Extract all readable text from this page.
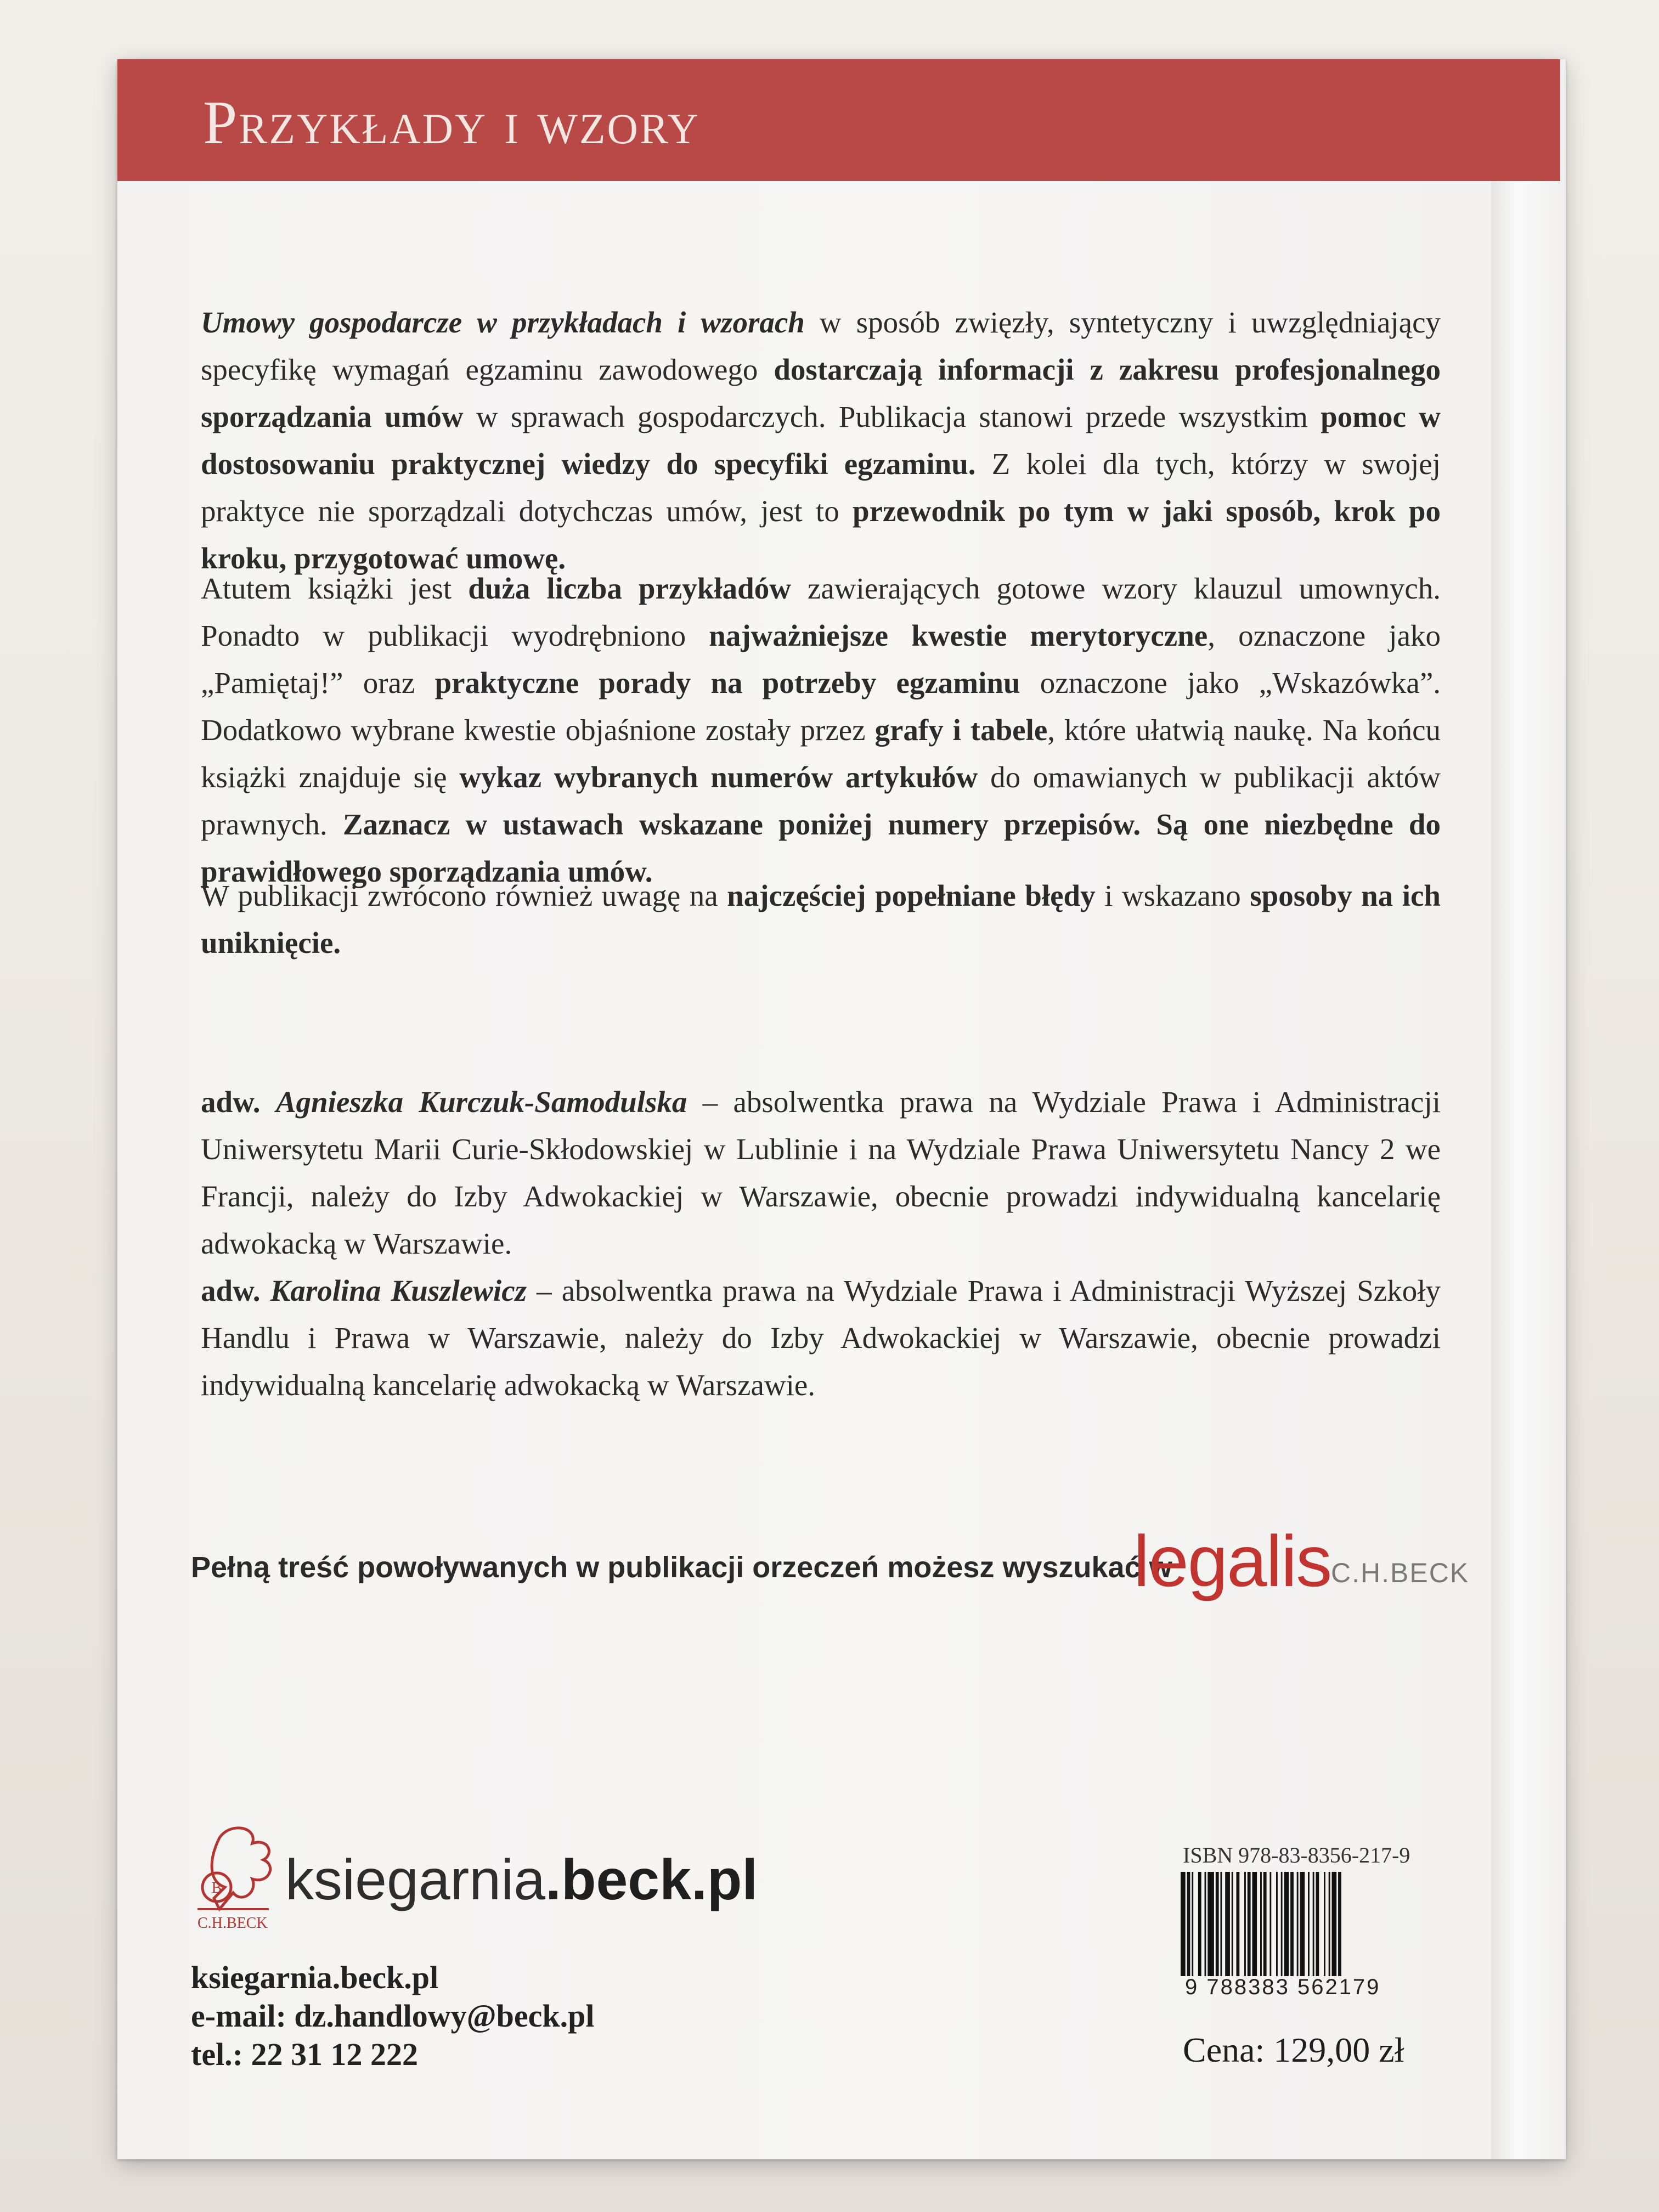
Przykłady i wzory

Umowy gospodarcze w przykładach i wzorach w sposób zwięzły, syntetyczny i uwzględniający specyfikę wymagań egzaminu zawodowego dostarczają informacji z zakresu profesjonalnego sporządzania umów w sprawach gospodarczych. Publikacja stanowi przede wszystkim pomoc w dostosowaniu praktycznej wiedzy do specyfiki egzaminu. Z kolei dla tych, którzy w swojej praktyce nie sporządzali dotychczas umów, jest to przewodnik po tym w jaki sposób, krok po kroku, przygotować umowę.

Atutem książki jest duża liczba przykładów zawierających gotowe wzory klauzul umownych. Ponadto w publikacji wyodrębniono najważniejsze kwestie merytoryczne, oznaczone jako „Pamiętaj!” oraz praktyczne porady na potrzeby egzaminu oznaczone jako „Wskazówka”. Dodatkowo wybrane kwestie objaśnione zostały przez grafy i tabele, które ułatwią naukę. Na końcu książki znajduje się wykaz wybranych numerów artykułów do omawianych w publikacji aktów prawnych. Zaznacz w ustawach wskazane poniżej numery przepisów. Są one niezbędne do prawidłowego sporządzania umów.

W publikacji zwrócono również uwagę na najczęściej popełniane błędy i wskazano sposoby na ich uniknięcie.

adw. Agnieszka Kurczuk-Samodulska – absolwentka prawa na Wydziale Prawa i Administracji Uniwersytetu Marii Curie-Skłodowskiej w Lublinie i na Wydziale Prawa Uniwersytetu Nancy 2 we Francji, należy do Izby Adwokackiej w Warszawie, obecnie prowadzi indywidualną kancelarię adwokacką w Warszawie.

adw. Karolina Kuszlewicz – absolwentka prawa na Wydziale Prawa i Administracji Wyższej Szkoły Handlu i Prawa w Warszawie, należy do Izby Adwokackiej w Warszawie, obecnie prowadzi indywidualną kancelarię adwokacką w Warszawie.

Pełną treść powoływanych w publikacji orzeczeń możesz wyszukać w
legalis C.H.BECK
B
C.H.BECK
ksiegarnia.beck.pl
ksiegarnia.beck.pl
e-mail: dz.handlowy@beck.pl
tel.: 22 31 12 222
ISBN 978-83-8356-217-9
9 788383 562179
Cena: 129,00 zł
